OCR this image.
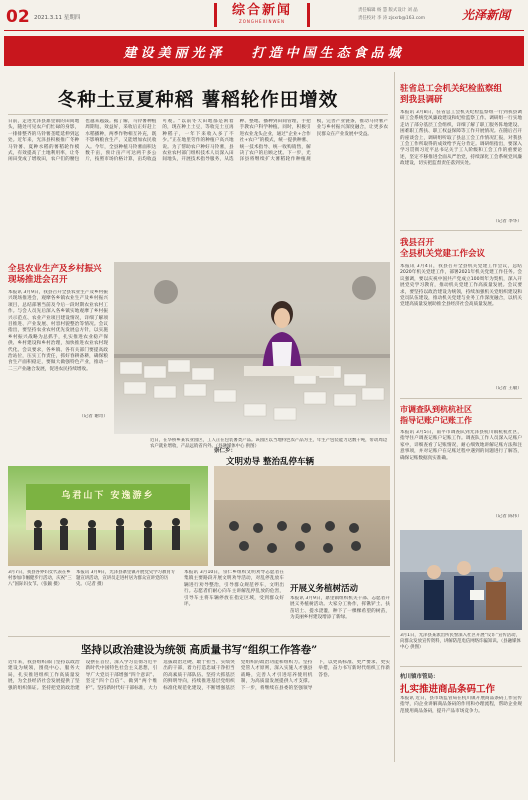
02 2021.3.11 星期四	综合新闻
ZONGHEXINWEN
责任编辑 杨 慧 版式设计 刘 晶
责任校对 李 涛 zjsxrb@163.com	光泽新闻
建设美丽光泽 打造中国生态食品城
冬种土豆夏种稻 薯稻轮作田增效
日前，走进光泽县寨里镇的田间地头，随处可见农户们忙碌的身影，一排排整齐的马铃薯垄畦延伸到远处。近年来，光泽县积极推广冬种马铃薯、夏种水稻的薯稻轮作模式，有效提高了土地利用率，让冬闲田变成了增收田，农户们的腰包也越来越鼓。据了解，马铃薯种植周期短、效益好，采收后正好赶上水稻播种，两季作物相互补充，既不影响粮食生产，又能增加农民收入。今年，全县种植马铃薯面积达数千亩，预计亩产可达两千多公斤，按照市场价格计算，亩均收益可观。“以前冬天田地都是闲着的，现在种上土豆，等收完土豆再种稻子，一年下来收入多了不少。”正在地里劳作的种植户高兴地说。为了帮助农户种好马铃薯，县农业农村部门组织技术人员深入田间地头，开展技术指导服务，从选种、整地、播种到田间管理，手把手教农户科学种植。同时，积极引进农业龙头企业，通过“企业+合作社+农户”的模式，统一提供种薯、统一技术指导、统一收购销售，解决了农户的后顾之忧。下一步，光泽县将继续扩大薯稻轮作种植规模，完善产业链条，推动马铃薯产业与乡村振兴深度融合，让更多农民群众在产业发展中受益。
全县农业生产及乡村振兴
现场推进会召开
本报讯 3月9日，我县召开全县农业生产及乡村振兴现场推进会，观摩各乡镇农业生产及乡村振兴项目，总结部署当前及今后一段时期农业农村工作。与会人员先后深入各乡镇实地观摩了乡村振兴示范点、农业产业项目建设情况，详细了解项目推进、产业发展、村容村貌整治等情况。会议指出，要坚持农业农村优先发展总方针，以实施乡村振兴战略为总抓手，扎实推进农业稳产保供、乡村建设和乡村治理，加快推进农业农村现代化。会议要求，各乡镇、各有关部门要提高政治站位，压实工作责任，抓好春耕备耕，确保粮食生产面积稳定，要做大做强特色产业，推动一二三产业融合发展，促进农民持续增收。
（记者 谢奇）
近日，在华桥乡某农业园区，工人正在包装薯类产品。该园区以当地特色农产品为主，年生产包装能力达数千吨，带动周边农户就业增收，产品远销省内外。（县融媒体中心 供图）
驻省总工会机关纪检监察组
到我县调研
本报讯 3月8日，驻省总工会机关纪检监察组一行到我县调研工会系统党风廉政建设和纪检监察工作。调研组一行实地走访了部分基层工会组织，详细了解了职工服务阵地建设、困难职工帮扶、职工权益保障等工作开展情况。在随后召开的座谈会上，调研组听取了县总工会工作情况汇报，对我县工会工作所取得的成效给予充分肯定。调研组指出，要深入学习贯彻习近平总书记关于工人阶级和工会工作的重要论述，坚定不移推进全面从严治党，持续深化工会系统党风廉政建设，切实把监督责任落到实处。
（记者 李华）
我县召开
全县机关党建工作会议
本报讯 3月4日，我县召开全县机关党建工作会议，总结2020年机关党建工作，部署2021年机关党建工作任务。会议强调，要以庆祝中国共产党成立100周年为契机，深入开展党史学习教育，推动机关党建工作高质量发展。会议要求，要坚持以政治建设为统领，持续加强机关党组织建设和党员队伍建设，推动机关党建与业务工作深度融合，以机关党建高质量发展助推全县经济社会高质量发展。
（记者 王敏）
市调查队到杭杭社区
指导记账户记账工作
本报讯 3月5日，南平市调查队到光泽县杭川镇杭杭社区，指导住户调查记账户记账工作。调查队工作人员深入记账户家中，详细查看了记账情况，耐心细致地讲解记账方法和注意事项，并对记账户在记账过程中遇到的问题进行了解答，确保记账数据真实准确。
（记者 陈伟）
3月1日，光泽县某派出所民警深入社区开展“反诈”宣传活动，向群众发放宣传资料，讲解防范电信网络诈骗知识。（县融媒体中心 供图）
杭川镇市管局：
扎实推进商品条码工作
本报讯 近日，县市场监管局在杭川镇开展商品条码工作宣传指导，向企业讲解商品条码的作用和办理流程，帮助企业规范使用商品条码，提升产品市场竞争力。
乌君山下 安逸游乡
3月7日，我县各界妇女代表在乡村参加巾帼健步行活动，庆祝“三八”国际妇女节。（张颖 摄）
本报讯 3月9日，光泽县寨里镇开展党史学习教育专题宣讲活动，宣讲员走进村居为群众宣讲党的历史。（记者 摄）
崇仁乡：
文明劝导 整治乱停车辆
本报讯 3月10日，崇仁乡组织文明劝导志愿者在集镇主要路段开展文明劝导活动，对乱停乱放车辆进行劝导整治，引导群众规范停车，文明出行。志愿者们耐心向车主讲解乱停乱放的危害，引导车主将车辆停放在指定区域，受到群众好评。
开展义务植树活动
本报讯 3月9日，寨里镇组织机关干部、志愿者开展义务植树活动。大家分工协作，挥锹铲土、扶苗培土、提水浇灌，种下了一棵棵希望的树苗，为美丽乡村建设增添了新绿。
坚持以政治建设为统领 高质量书写“组织工作答卷”
近年来，我县组织部门坚持以政治建设为统领，围绕中心、服务大局，扎实推进组织工作高质量发展，为全县经济社会发展提供了坚强的组织保证。坚持把党的政治建设摆在首位，深入学习贯彻习近平新时代中国特色社会主义思想，引导广大党员干部增强“四个意识”、坚定“四个自信”、做到“两个维护”。坚持新时代好干部标准，大力选拔政治过硬、敢于担当、实绩突出的干部，着力打造忠诚干净担当的高素质干部队伍。坚持大抓基层的鲜明导向，持续推进基层党组织标准化规范化建设，不断增强基层党组织的政治功能和组织力。坚持党管人才原则，深入实施人才强县战略，完善人才引进培养使用机制，为高质量发展提供人才支撑。下一步，将继续在县委的坚强领导下，以更高标准、更严要求、更实举措，奋力书写新时代组织工作新答卷。
